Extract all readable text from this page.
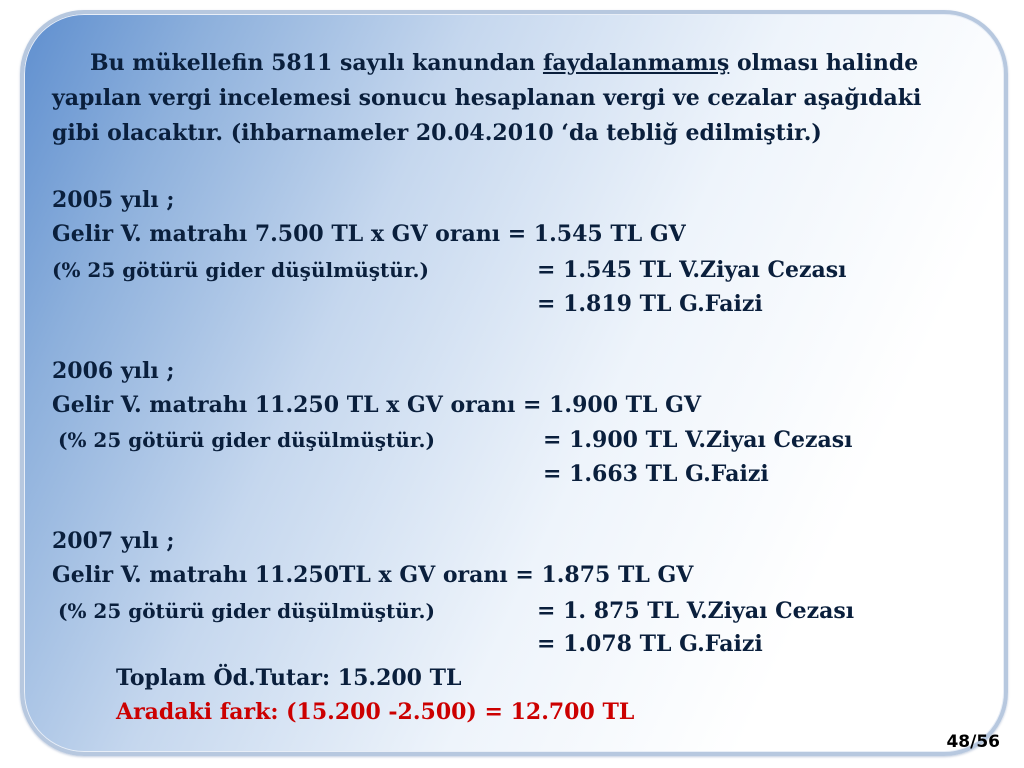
Bu mükellefin 5811 sayılı kanundan faydalanmamış olması halinde
yapılan vergi incelemesi sonucu hesaplanan vergi ve cezalar aşağıdaki
gibi olacaktır. (ihbarnameler 20.04.2010 ‘da tebliğ edilmiştir.)
2005 yılı ;
Gelir V. matrahı 7.500 TL x GV oranı = 1.545 TL GV
(% 25 götürü gider düşülmüştür.)	= 1.545 TL V.Ziyaı Cezası
= 1.819 TL G.Faizi
2006 yılı ;
Gelir V. matrahı 11.250 TL x GV oranı = 1.900 TL GV
(% 25 götürü gider düşülmüştür.)	= 1.900 TL V.Ziyaı Cezası
= 1.663 TL G.Faizi
2007 yılı ;
Gelir V. matrahı 11.250TL x GV oranı = 1.875 TL GV
(% 25 götürü gider düşülmüştür.)	= 1. 875 TL V.Ziyaı Cezası
= 1.078 TL G.Faizi
Toplam Öd.Tutar: 15.200 TL
Aradaki fark: (15.200 -2.500) = 12.700 TL
48/56
